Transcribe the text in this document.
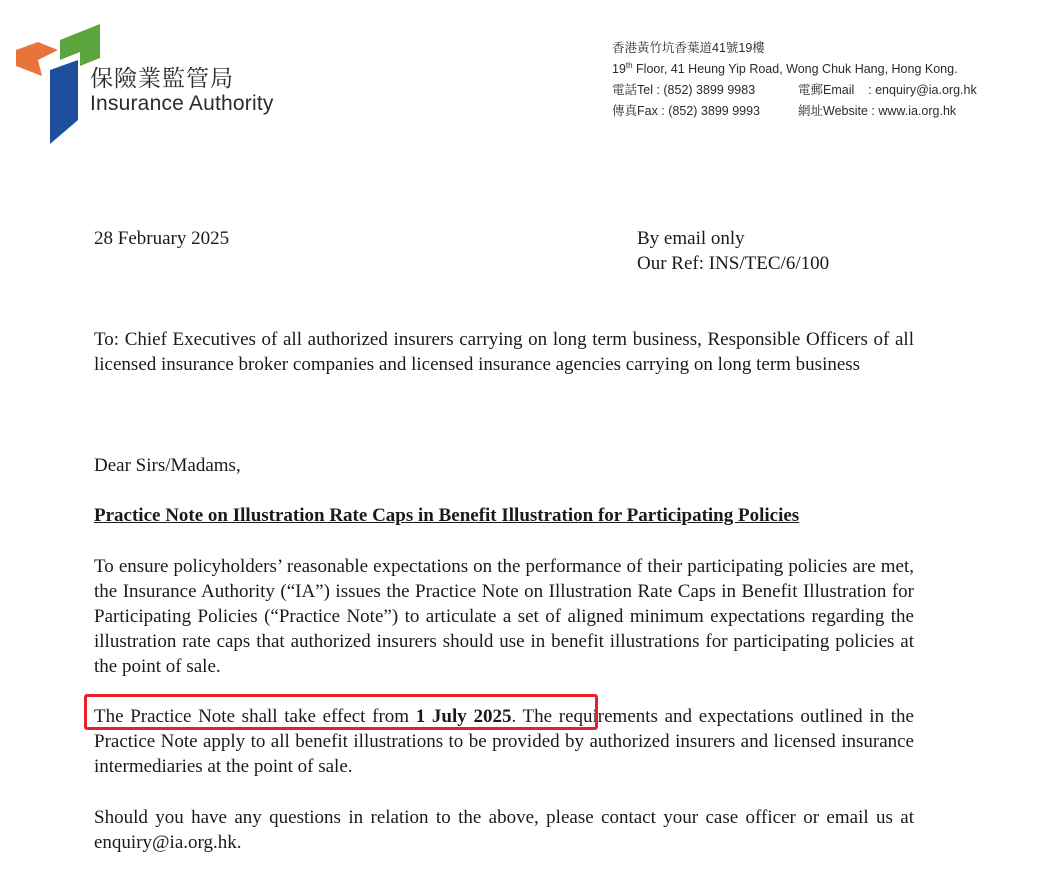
保險業監管局
Insurance Authority
香港黃竹坑香葉道41號19樓
19th Floor, 41 Heung Yip Road, Wong Chuk Hang, Hong Kong.
電話Tel : (852) 3899 9983	電郵Email    : enquiry@ia.org.hk
傳真Fax : (852) 3899 9993	網址Website : www.ia.org.hk
28 February 2025	By email only
Our Ref: INS/TEC/6/100

To: Chief Executives of all authorized insurers carrying on long term business, Responsible Officers of all licensed insurance broker companies and licensed insurance agencies carrying on long term business

Dear Sirs/Madams,

Practice Note on Illustration Rate Caps in Benefit Illustration for Participating Policies

To ensure policyholders’ reasonable expectations on the performance of their participating policies are met, the Insurance Authority (“IA”) issues the Practice Note on Illustration Rate Caps in Benefit Illustration for Participating Policies (“Practice Note”) to articulate a set of aligned minimum expectations regarding the illustration rate caps that authorized insurers should use in benefit illustrations for participating policies at the point of sale.

The Practice Note shall take effect from 1 July 2025. The requirements and expectations outlined in the Practice Note apply to all benefit illustrations to be provided by authorized insurers and licensed insurance intermediaries at the point of sale.

Should you have any questions in relation to the above, please contact your case officer or email us at enquiry@ia.org.hk.
